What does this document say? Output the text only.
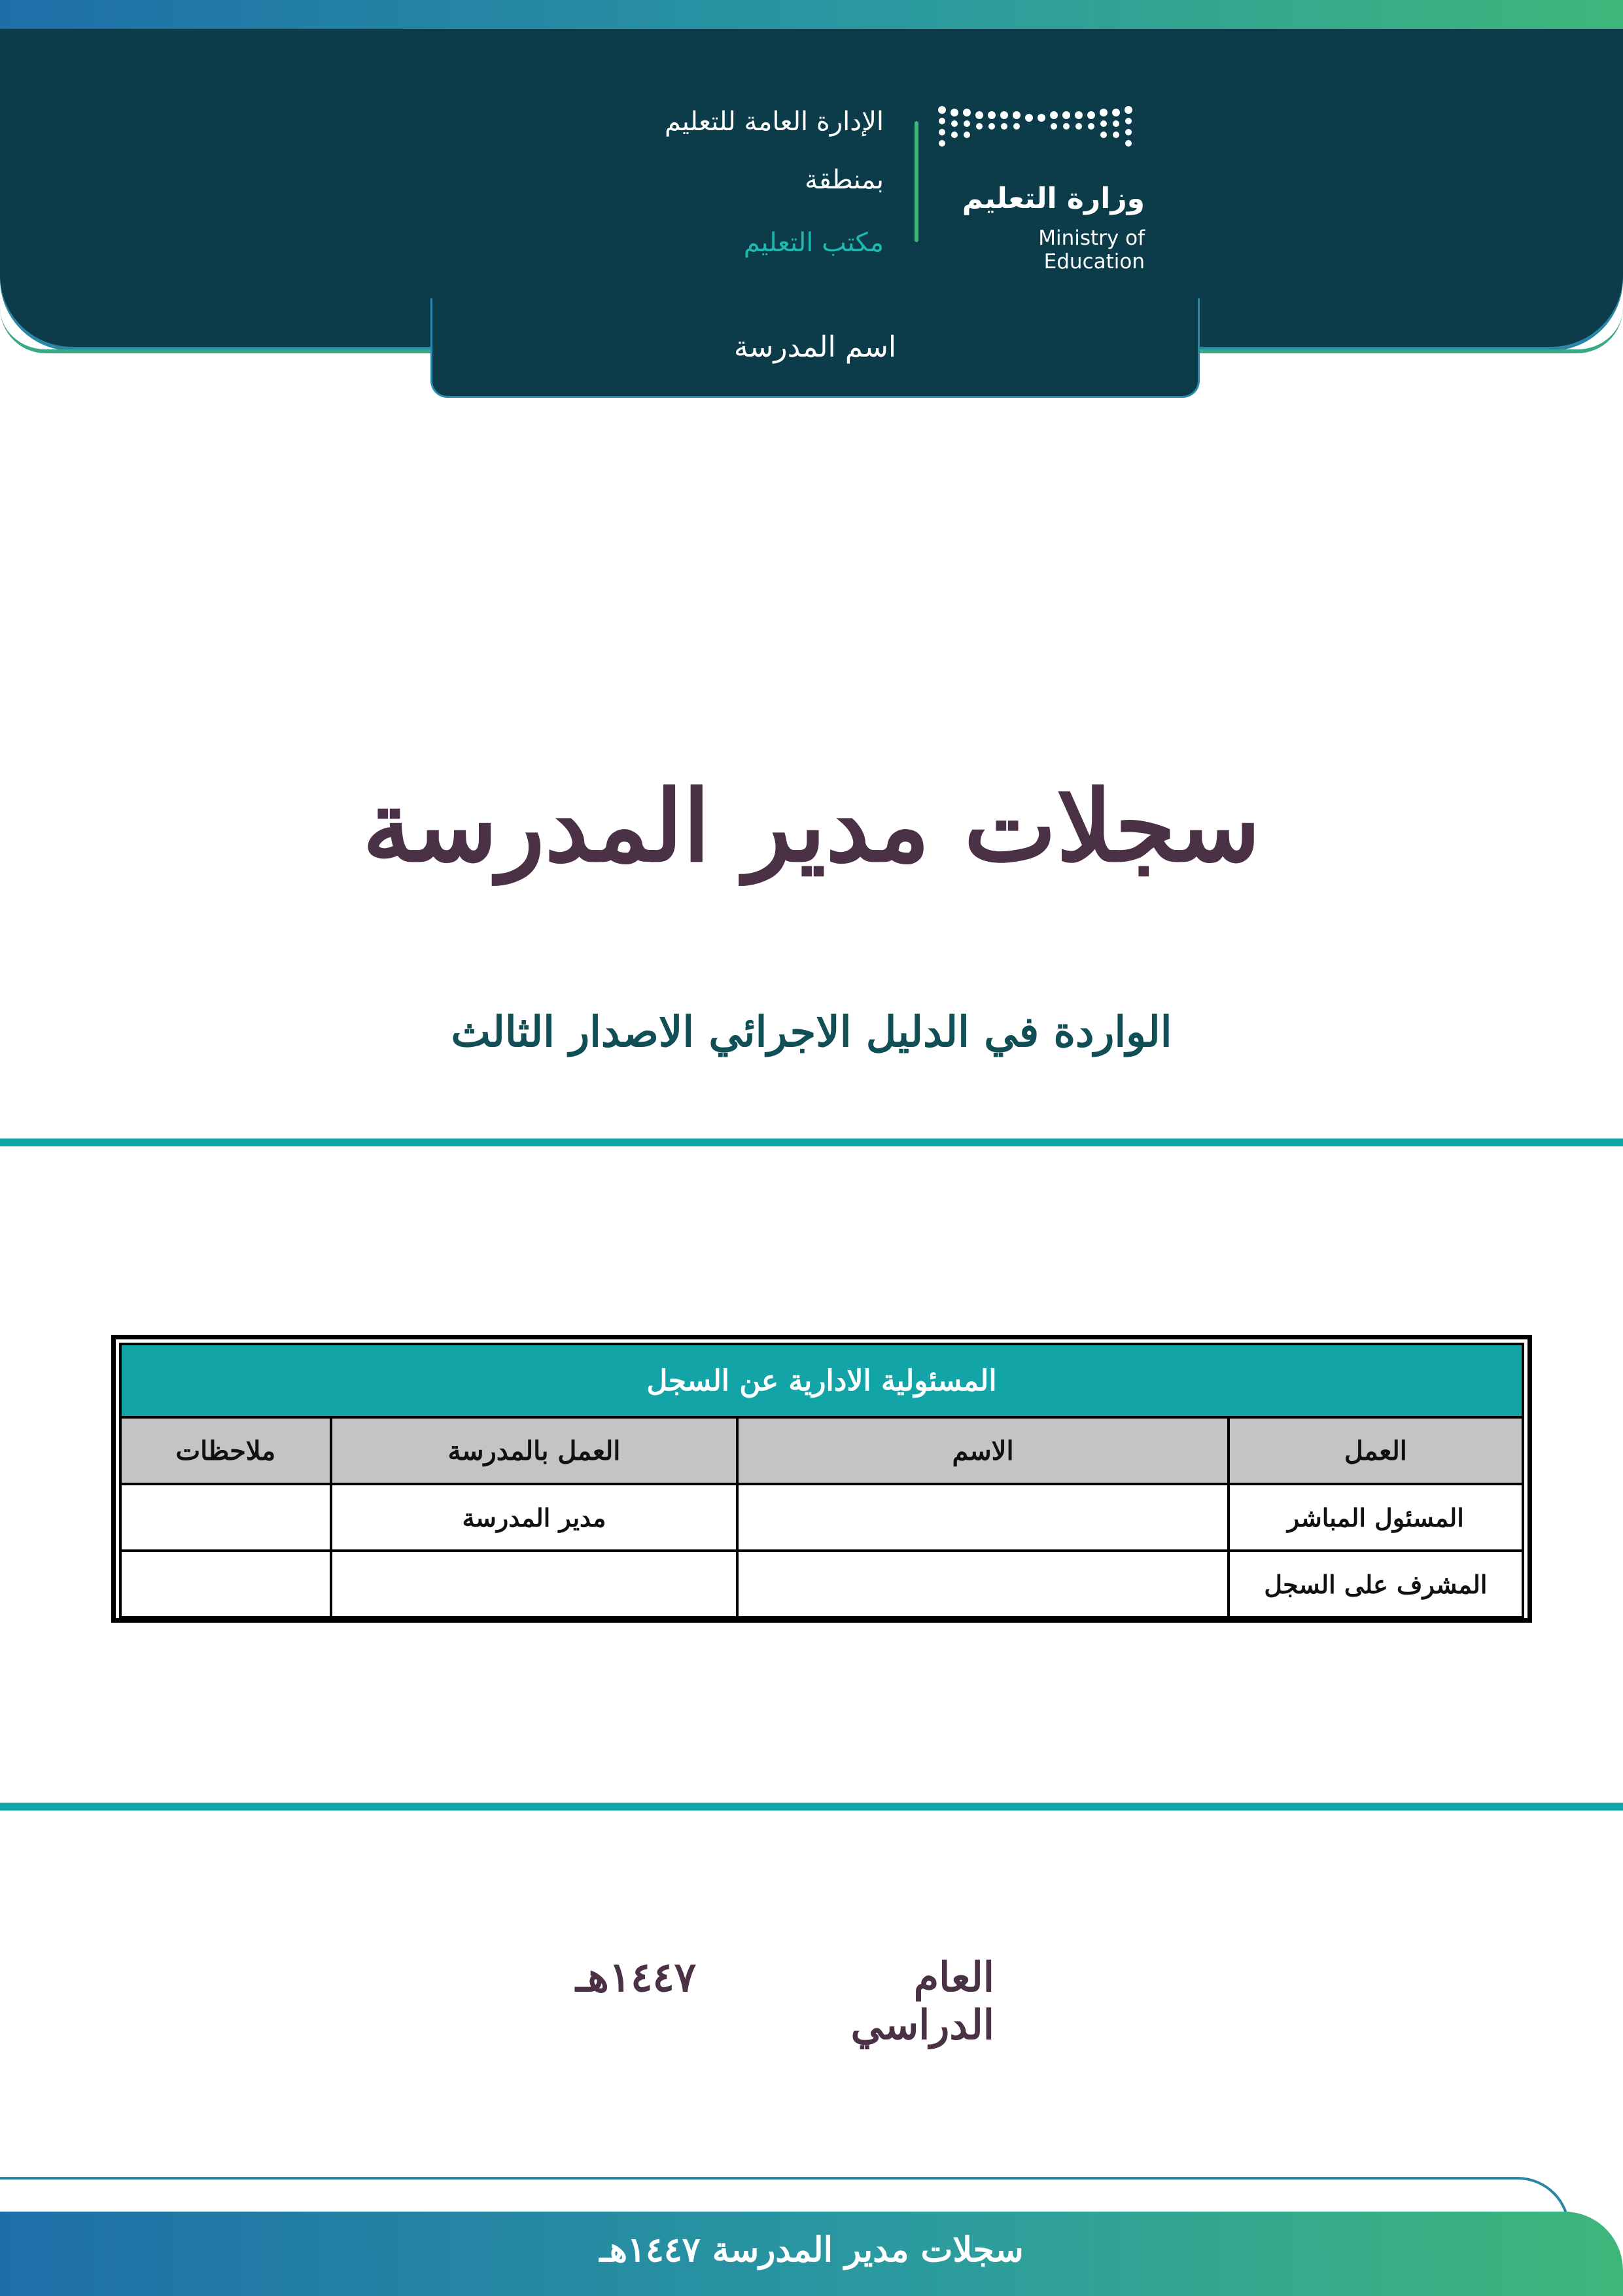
وزارة التعليم
Ministry of Education
الإدارة العامة للتعليم
بمنطقة
مكتب التعليم
اسم المدرسة
سجلات مدير المدرسة
الواردة في الدليل الاجرائي الاصدار الثالث
المسئولية الادارية عن السجل			
العمل	الاسم	العمل بالمدرسة	ملاحظات
المسئول المباشر		مدير المدرسة	
المشرف على السجل			
العام الدراسي
١٤٤٧هـ
سجلات مدير المدرسة ١٤٤٧هـ
